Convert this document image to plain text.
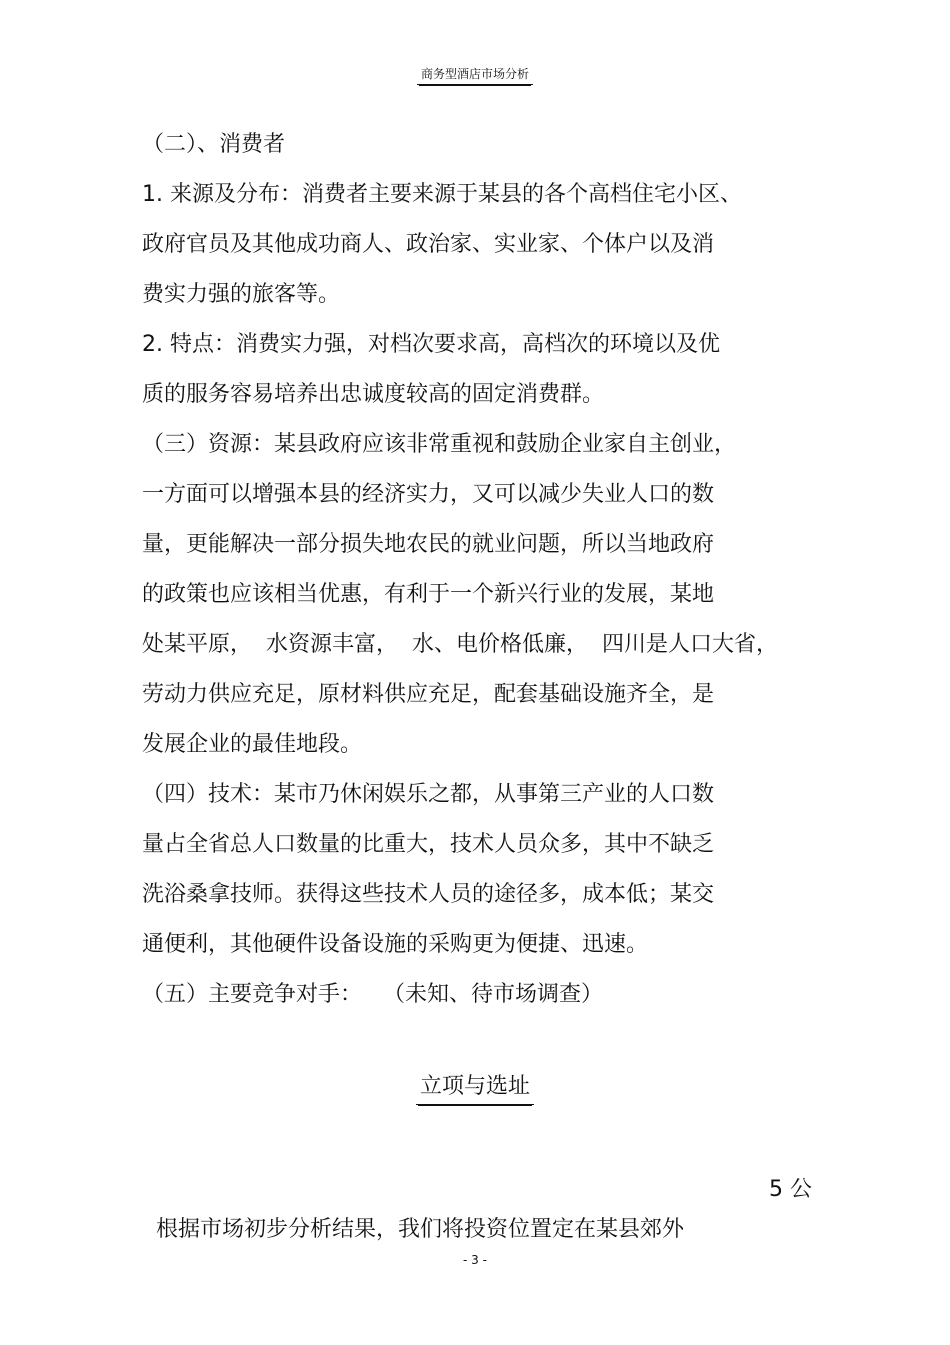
商务型酒店市场分析
（二）、消费者
1. 来源及分布：消费者主要来源于某县的各个高档住宅小区、
政府官员及其他成功商人、政治家、实业家、个体户以及消
费实力强的旅客等。
2. 特点：消费实力强，对档次要求高，高档次的环境以及优
质的服务容易培养出忠诚度较高的固定消费群。
（三）资源：某县政府应该非常重视和鼓励企业家自主创业，
一方面可以增强本县的经济实力，又可以减少失业人口的数
量，更能解决一部分损失地农民的就业问题，所以当地政府
的政策也应该相当优惠，有利于一个新兴行业的发展，某地
处某平原，  水资源丰富，  水、电价格低廉，  四川是人口大省，
劳动力供应充足，原材料供应充足，配套基础设施齐全，是
发展企业的最佳地段。
（四）技术：某市乃休闲娱乐之都，从事第三产业的人口数
量占全省总人口数量的比重大，技术人员众多，其中不缺乏
洗浴桑拿技师。获得这些技术人员的途径多，成本低；某交
通便利，其他硬件设备设施的采购更为便捷、迅速。
（五）主要竞争对手：   （未知、待市场调查）
立项与选址

根据市场初步分析结果，我们将投资位置定在某县郊外

5 公

- 3 -
